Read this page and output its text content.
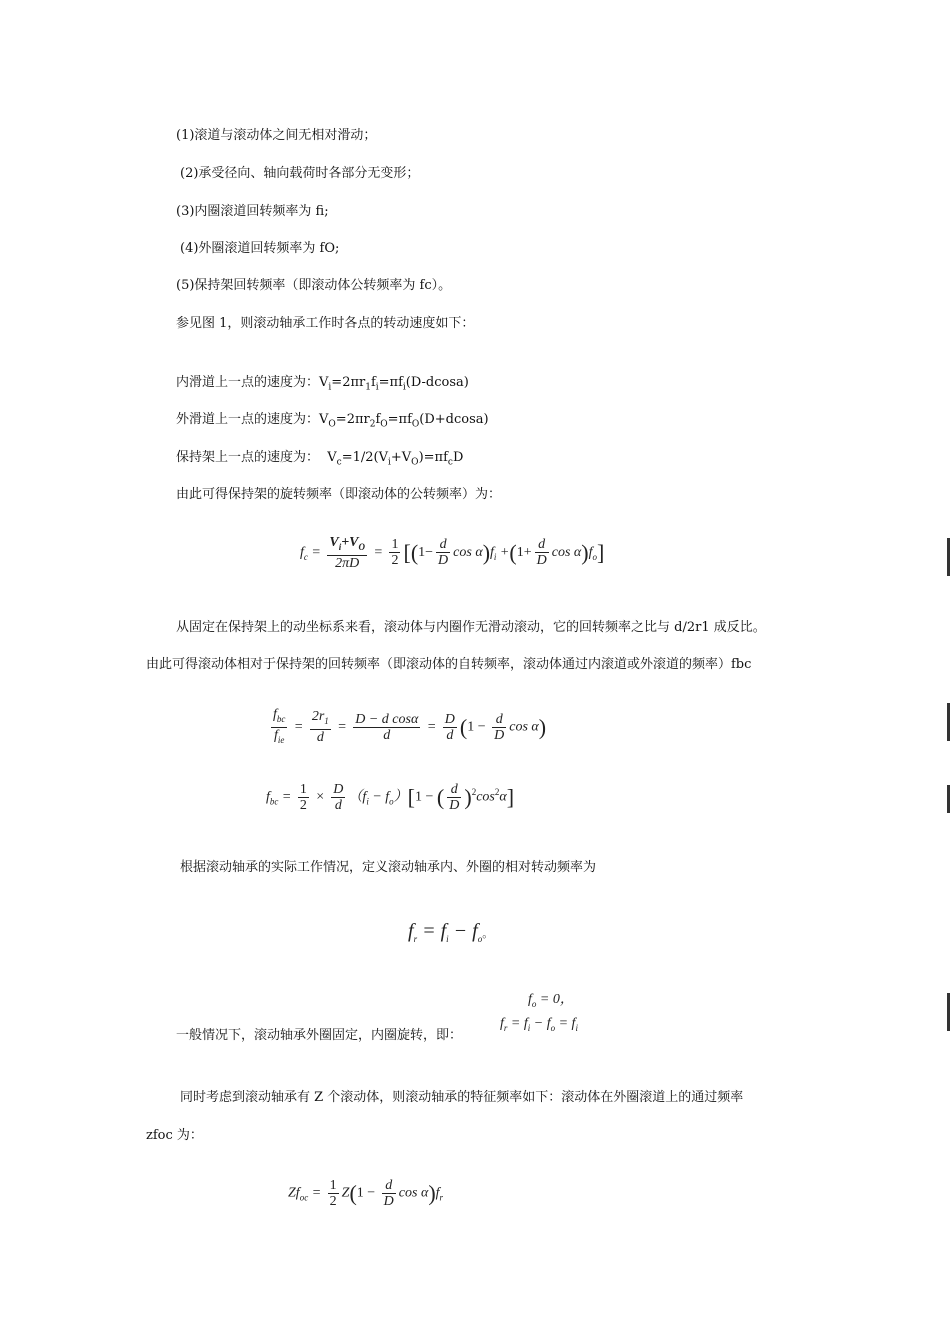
(1)滚道与滚动体之间无相对滑动；
(2)承受径向、轴向载荷时各部分无变形；
(3)内圈滚道回转频率为 fi;
(4)外圈滚道回转频率为 fO;
(5)保持架回转频率（即滚动体公转频率为 fc）。
参见图 1，则滚动轴承工作时各点的转动速度如下：
内滑道上一点的速度为：$V_i=2\pi r_1f_i=\pi f_i(D-dcosa)$
外滑道上一点的速度为：$V_O=2\pi r_2f_O=\pi f_O(D+dcosa)$
保持架上一点的速度为：  $V_c=1/2(V_i+V_O)=\pi f_cD$
由此可得保持架的旋转频率（即滚动体的公转频率）为：
$f_c = \frac{V_i+V_O}{2\pi D} = \frac{1}{2} [(1- \frac{d}{D}$ $\cos \alpha)f_i +(1+ \frac{d}{D}$ $\cos \alpha)f_o$]
从固定在保持架上的动坐标系来看，滚动体与内圈作无滑动滚动，它的回转频率之比与 d/2r1 成反比。
由此可得滚动体相对于保持架的回转频率（即滚动体的自转频率，滚动体通过内滚道或外滚道的频率）fbc
$\frac{f_{bc}}{f_{ie}} = \frac{2r_1}{d} = \frac{\text{D − d cosα}}{d} = \frac{D}{d} (1 - \frac{d}{D}$ cos α)
$f_{bc} = \frac{1}{2} \times \frac{D}{d} (f_i - f_o)[1$ − ( $\frac{d}{D} )^2\cos^2\alpha$]
根据滚动轴承的实际工作情况，定义滚动轴承内、外圈的相对转动频率为
$f_r = f_i - f_o$。
$f_o = 0$，
一般情况下，滚动轴承外圈固定，内圈旋转，即：
$f_r = f_i - f_o = f_i$
同时考虑到滚动轴承有 Z 个滚动体，则滚动轴承的特征频率如下：滚动体在外圈滚道上的通过频率
zfoc 为：
$Zf_{oc} = \frac{1}{2} Z(1 - \frac{d}{D}$ $\cos \alpha)f_r$
